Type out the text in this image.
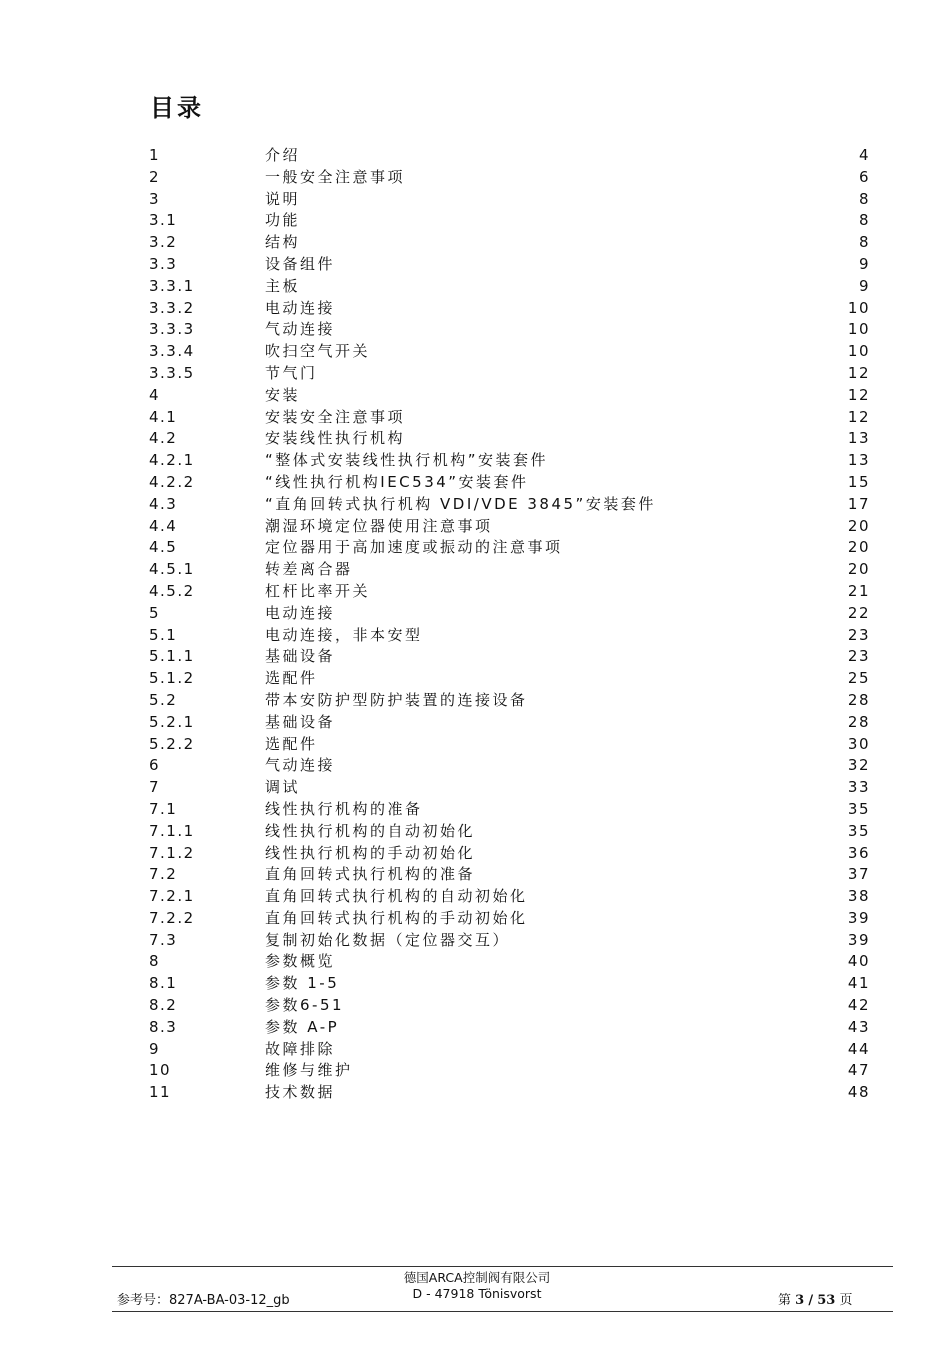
目录
1	介绍	4
2	一般安全注意事项	6
3	说明	8
3.1	功能	8
3.2	结构	8
3.3	设备组件	9
3.3.1	主板	9
3.3.2	电动连接	10
3.3.3	气动连接	10
3.3.4	吹扫空气开关	10
3.3.5	节气门	12
4	安装	12
4.1	安装安全注意事项	12
4.2	安装线性执行机构	13
4.2.1	“整体式安装线性执行机构”安装套件	13
4.2.2	“线性执行机构IEC534”安装套件	15
4.3	“直角回转式执行机构 VDI/VDE 3845”安装套件	17
4.4	潮湿环境定位器使用注意事项	20
4.5	定位器用于高加速度或振动的注意事项	20
4.5.1	转差离合器	20
4.5.2	杠杆比率开关	21
5	电动连接	22
5.1	电动连接，非本安型	23
5.1.1	基础设备	23
5.1.2	选配件	25
5.2	带本安防护型防护装置的连接设备	28
5.2.1	基础设备	28
5.2.2	选配件	30
6	气动连接	32
7	调试	33
7.1	线性执行机构的准备	35
7.1.1	线性执行机构的自动初始化	35
7.1.2	线性执行机构的手动初始化	36
7.2	直角回转式执行机构的准备	37
7.2.1	直角回转式执行机构的自动初始化	38
7.2.2	直角回转式执行机构的手动初始化	39
7.3	复制初始化数据（定位器交互）	39
8	参数概览	40
8.1	参数 1-5	41
8.2	参数6-51	42
8.3	参数 A-P	43
9	故障排除	44
10	维修与维护	47
11	技术数据	48
德国ARCA控制阀有限公司
D - 47918 Tönisvorst
参考号：827A-BA-03-12_gb	第 3 / 53 页
